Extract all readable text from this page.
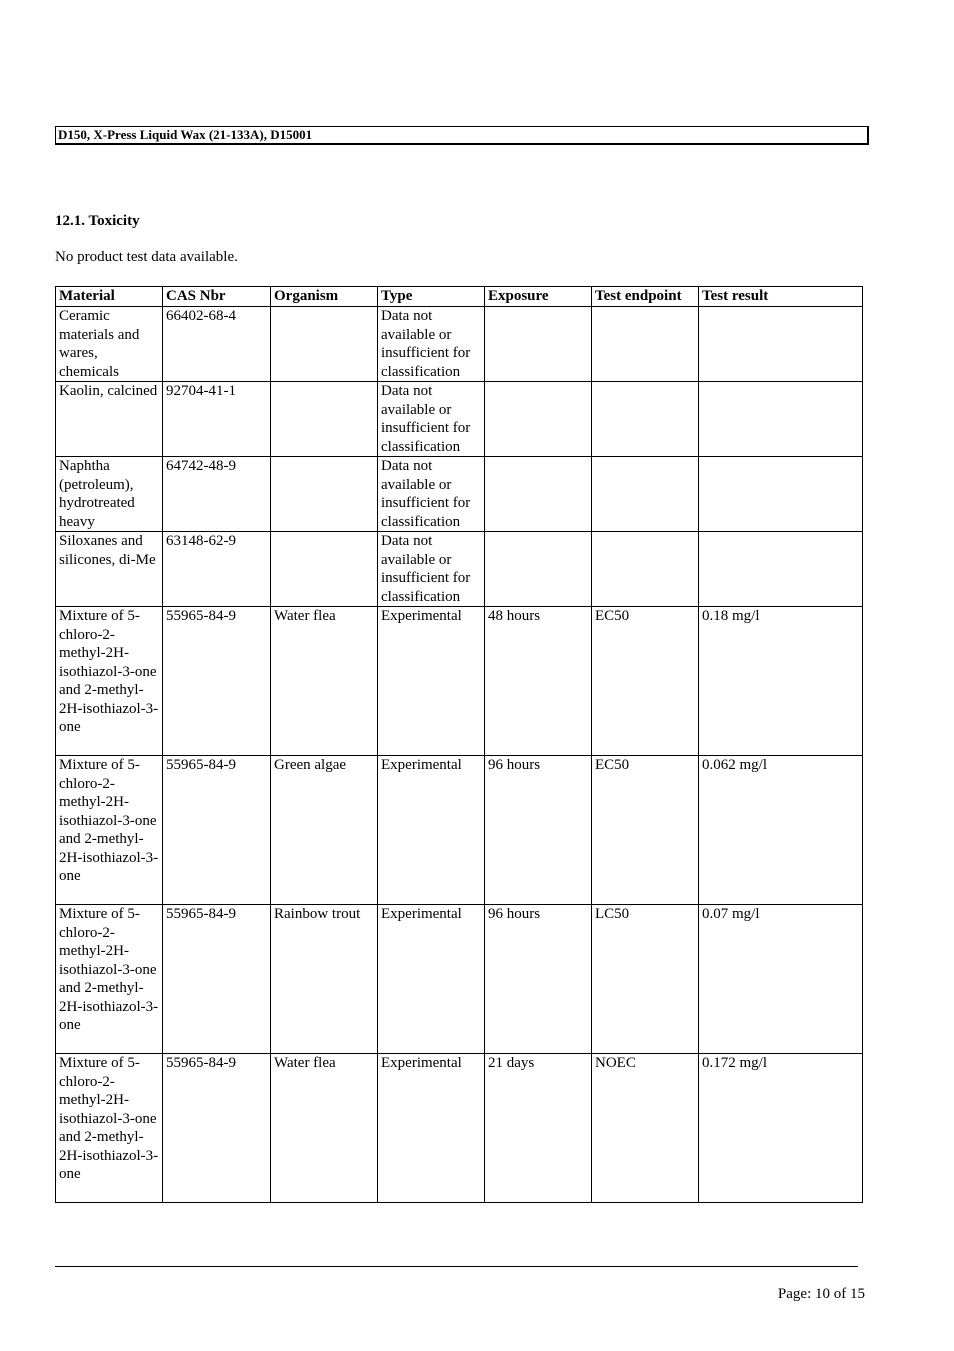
D150, X-Press Liquid Wax (21-133A), D15001
12.1. Toxicity
No product test data available.
Material	CAS Nbr	Organism	Type	Exposure	Test endpoint	Test result
Ceramic materials and wares, chemicals	66402-68-4		Data not available or insufficient for classification			
Kaolin, calcined	92704-41-1		Data not available or insufficient for classification			
Naphtha (petroleum), hydrotreated heavy	64742-48-9		Data not available or insufficient for classification			
Siloxanes and silicones, di-Me	63148-62-9		Data not available or insufficient for classification			
Mixture of 5-chloro-2-methyl-2H-isothiazol-3-one and 2-methyl-2H-isothiazol-3-one	55965-84-9	Water flea	Experimental	48 hours	EC50	0.18 mg/l
Mixture of 5-chloro-2-methyl-2H-isothiazol-3-one and 2-methyl-2H-isothiazol-3-one	55965-84-9	Green algae	Experimental	96 hours	EC50	0.062 mg/l
Mixture of 5-chloro-2-methyl-2H-isothiazol-3-one and 2-methyl-2H-isothiazol-3-one	55965-84-9	Rainbow trout	Experimental	96 hours	LC50	0.07 mg/l
Mixture of 5-chloro-2-methyl-2H-isothiazol-3-one and 2-methyl-2H-isothiazol-3-one	55965-84-9	Water flea	Experimental	21 days	NOEC	0.172 mg/l
Page: 10 of 15
